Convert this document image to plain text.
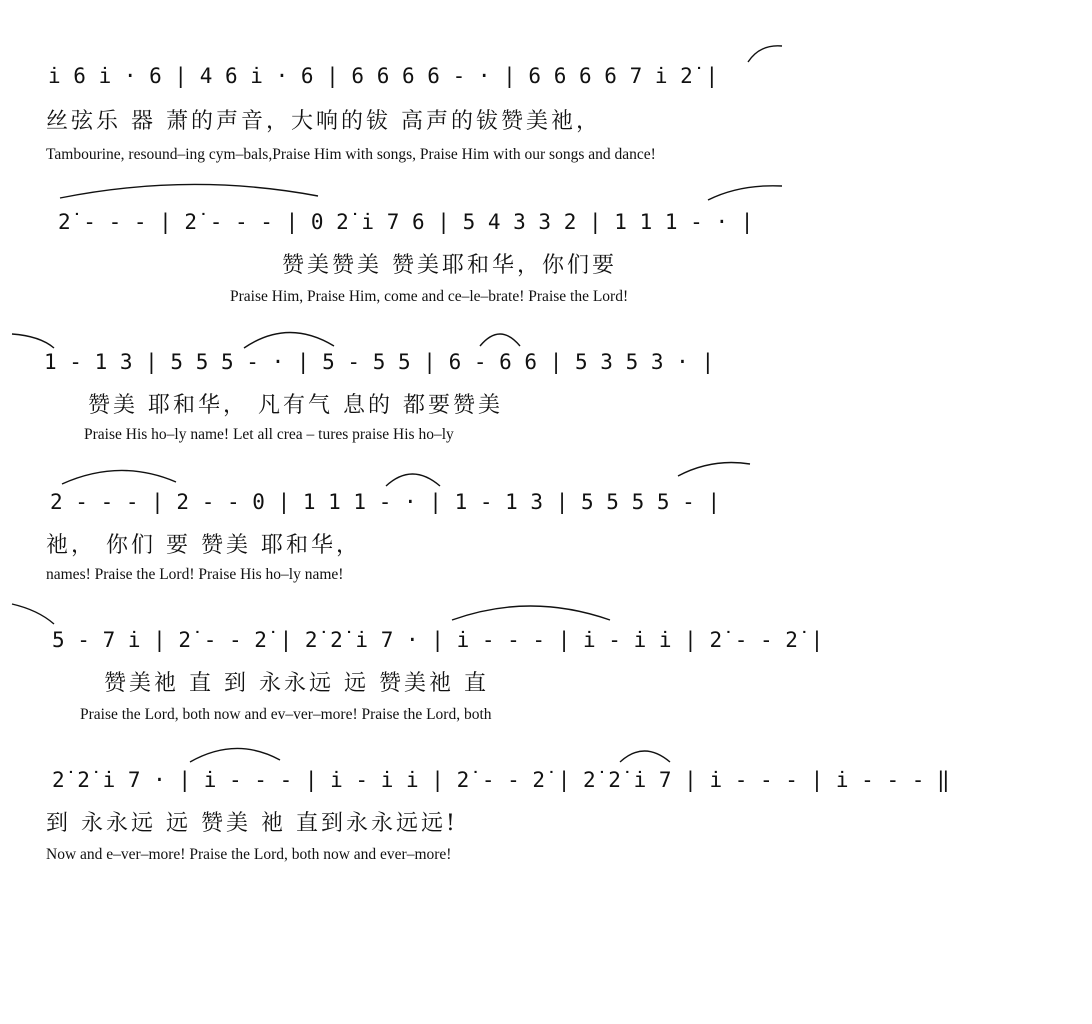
i̇ 6 i̇ · 6 | 4 6 i̇ · 6 | 6 6 6 6 - · | 6 6 6 6 7 i̇ 2̇ |
丝弦乐 器 萧的声音，大响的钹 高声的钹赞美祂，
Tambourine, resound–ing cym–bals,Praise Him with songs, Praise Him with our songs and dance!
2̇ - - - | 2̇ - - - | 0 2̇ i̇ 7 6 | 5 4 3 3 2 | 1 1 1 - · |
赞美赞美 赞美耶和华，你们要
Praise Him, Praise Him, come and ce–le–brate! Praise the Lord!
1 - 1 3 | 5 5 5 - · | 5 - 5 5 | 6 - 6 6 | 5 3 5 3 · |
赞美 耶和华， 凡有气 息的 都要赞美
Praise His ho–ly name! Let all crea – tures praise His ho–ly
2 - - - | 2 - - 0 | 1 1 1 - · | 1 - 1 3 | 5 5 5 5 - |
祂， 你们 要 赞美 耶和华，
names! Praise the Lord! Praise His ho–ly name!
5 - 7 i̇ | 2̇ - - 2̇ | 2̇ 2̇ i̇ 7 · | i̇ - - - | i̇ - i̇ i̇ | 2̇ - - 2̇ |
赞美祂 直 到 永永远 远 赞美祂 直
Praise the Lord, both now and ev–ver–more! Praise the Lord, both
2̇ 2̇ i̇ 7 · | i̇ - - - | i̇ - i̇ i̇ | 2̇ - - 2̇ | 2̇ 2̇ i̇ 7 | i̇ - - - | i̇ - - - ‖
到 永永远 远 赞美 祂 直到永永远远!
Now and e–ver–more! Praise the Lord, both now and ever–more!
